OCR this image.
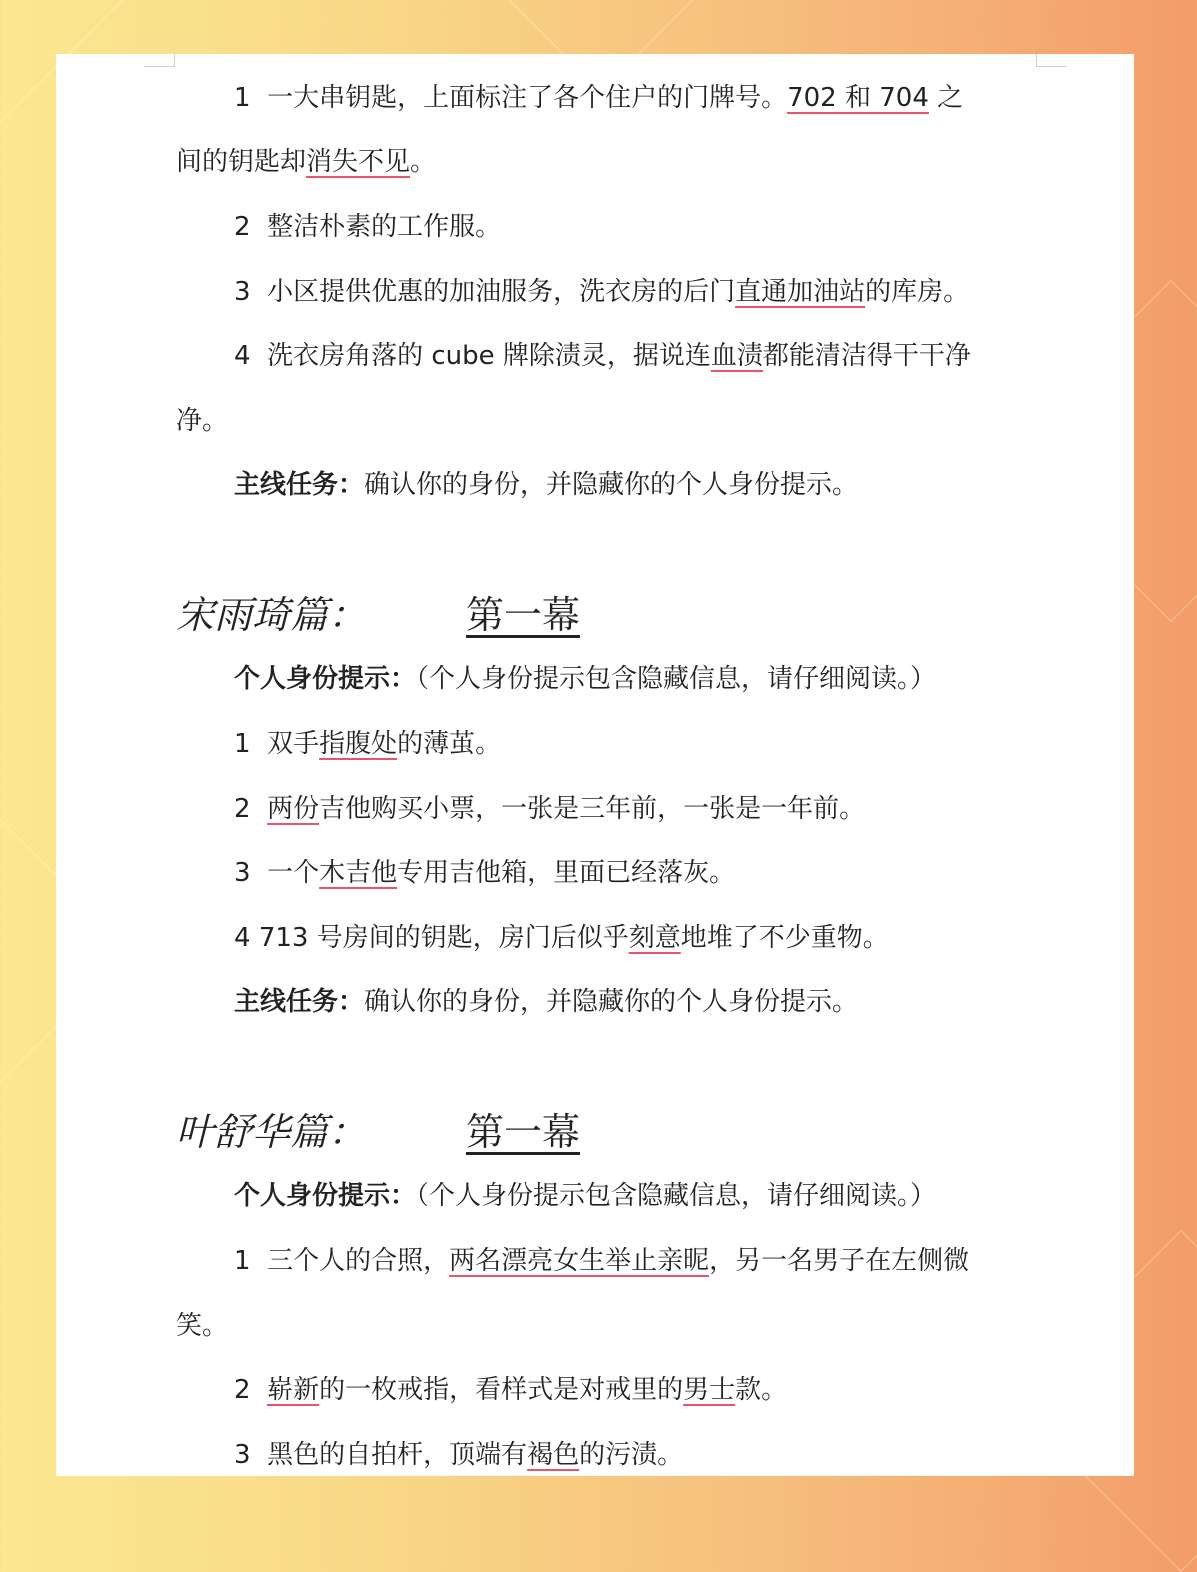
1 一大串钥匙，上面标注了各个住户的门牌号。702 和 704 之
间的钥匙却消失不见。
2 整洁朴素的工作服。
3 小区提供优惠的加油服务，洗衣房的后门直通加油站的库房。
4 洗衣房角落的 cube 牌除渍灵，据说连血渍都能清洁得干干净
净。
主线任务：确认你的身份，并隐藏你的个人身份提示。
宋雨琦篇：	第一幕
个人身份提示：（个人身份提示包含隐藏信息，请仔细阅读。）
1 双手指腹处的薄茧。
2 两份吉他购买小票，一张是三年前，一张是一年前。
3 一个木吉他专用吉他箱，里面已经落灰。
4 713 号房间的钥匙，房门后似乎刻意地堆了不少重物。
主线任务：确认你的身份，并隐藏你的个人身份提示。
叶舒华篇：	第一幕
个人身份提示：（个人身份提示包含隐藏信息，请仔细阅读。）
1 三个人的合照，两名漂亮女生举止亲昵，另一名男子在左侧微
笑。
2 崭新的一枚戒指，看样式是对戒里的男士款。
3 黑色的自拍杆，顶端有褐色的污渍。
